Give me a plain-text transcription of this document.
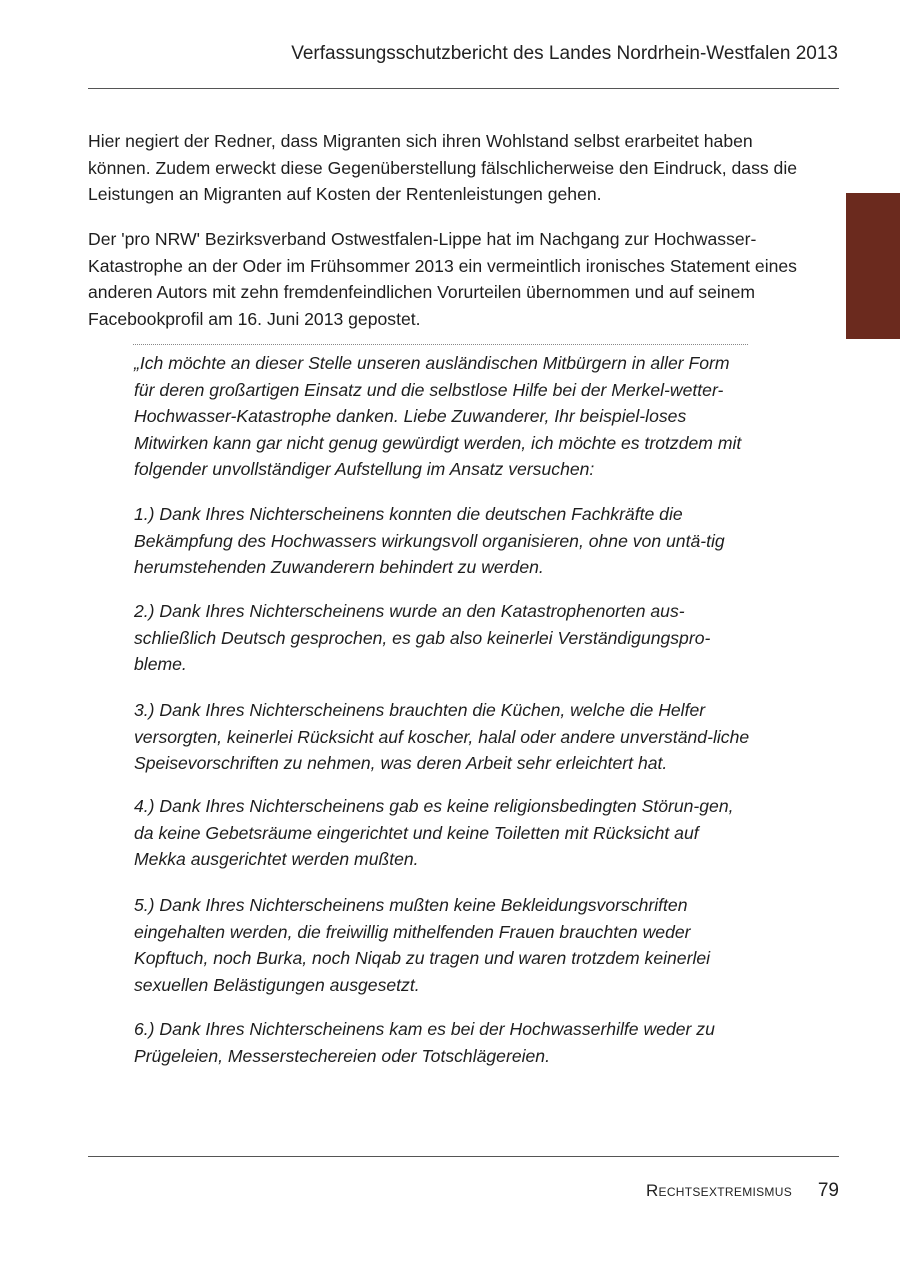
Verfassungsschutzbericht des Landes Nordrhein-Westfalen 2013

Hier negiert der Redner, dass Migranten sich ihren Wohlstand selbst erarbeitet haben können. Zudem erweckt diese Gegenüberstellung fälschlicherweise den Eindruck, dass die Leistungen an Migranten auf Kosten der Rentenleistungen gehen.

Der 'pro NRW' Bezirksverband Ostwestfalen-Lippe hat im Nachgang zur Hochwasser-Katastrophe an der Oder im Frühsommer 2013 ein vermeintlich ironisches Statement eines anderen Autors mit zehn fremdenfeindlichen Vorurteilen übernommen und auf seinem Facebookprofil am 16. Juni 2013 gepostet.

„Ich möchte an dieser Stelle unseren ausländischen Mitbürgern in aller Form für deren großartigen Einsatz und die selbstlose Hilfe bei der Merkel-wetter-Hochwasser-Katastrophe danken. Liebe Zuwanderer, Ihr beispiel-loses Mitwirken kann gar nicht genug gewürdigt werden, ich möchte es trotzdem mit folgender unvollständiger Aufstellung im Ansatz versuchen:

1.) Dank Ihres Nichterscheinens konnten die deutschen Fachkräfte die Bekämpfung des Hochwassers wirkungsvoll organisieren, ohne von untä-tig herumstehenden Zuwanderern behindert zu werden.

2.) Dank Ihres Nichterscheinens wurde an den Katastrophenorten aus-schließlich Deutsch gesprochen, es gab also keinerlei Verständigungspro-bleme.

3.) Dank Ihres Nichterscheinens brauchten die Küchen, welche die Helfer versorgten, keinerlei Rücksicht auf koscher, halal oder andere unverständ-liche Speisevorschriften zu nehmen, was deren Arbeit sehr erleichtert hat.

4.) Dank Ihres Nichterscheinens gab es keine religionsbedingten Störun-gen, da keine Gebetsräume eingerichtet und keine Toiletten mit Rücksicht auf Mekka ausgerichtet werden mußten.

5.) Dank Ihres Nichterscheinens mußten keine Bekleidungsvorschriften eingehalten werden, die freiwillig mithelfenden Frauen brauchten weder Kopftuch, noch Burka, noch Niqab zu tragen und waren trotzdem keinerlei sexuellen Belästigungen ausgesetzt.

6.) Dank Ihres Nichterscheinens kam es bei der Hochwasserhilfe weder zu Prügeleien, Messerstechereien oder Totschlägereien.

Rechtsextremismus 79
